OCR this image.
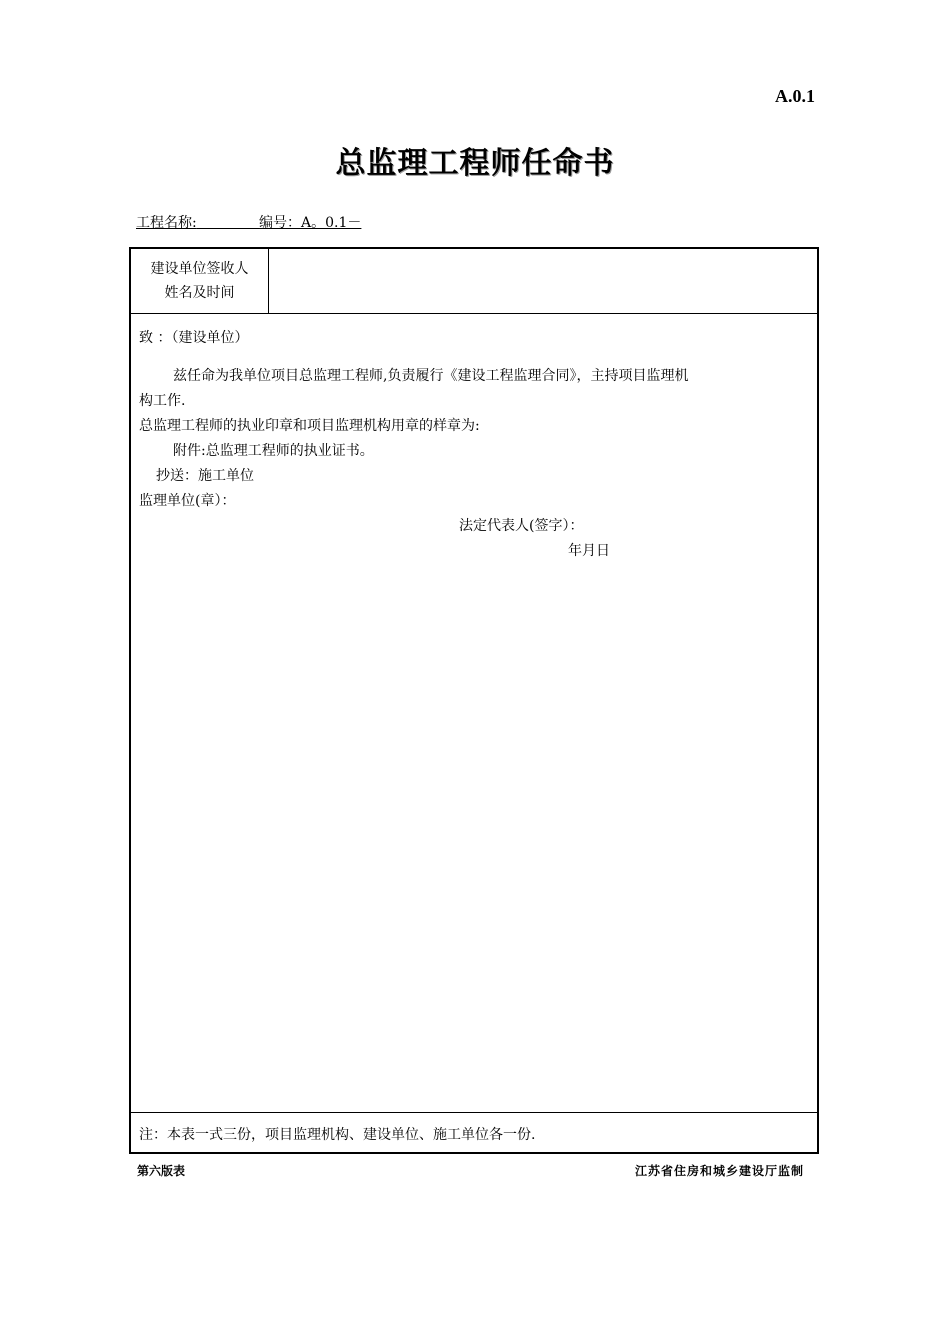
A.0.1
总监理工程师任命书
工程名称:	编号：A。0.1－
建设单位签收人
姓名及时间
致 ：（建设单位）
兹任命为我单位项目总监理工程师,负责履行《建设工程监理合同》，主持项目监理机
构工作.
总监理工程师的执业印章和项目监理机构用章的样章为:
附件:总监理工程师的执业证书。
抄送：施工单位
监理单位(章）：
法定代表人(签字）：
年月日
注：本表一式三份，项目监理机构、建设单位、施工单位各一份.
第六版表	江苏省住房和城乡建设厅监制
